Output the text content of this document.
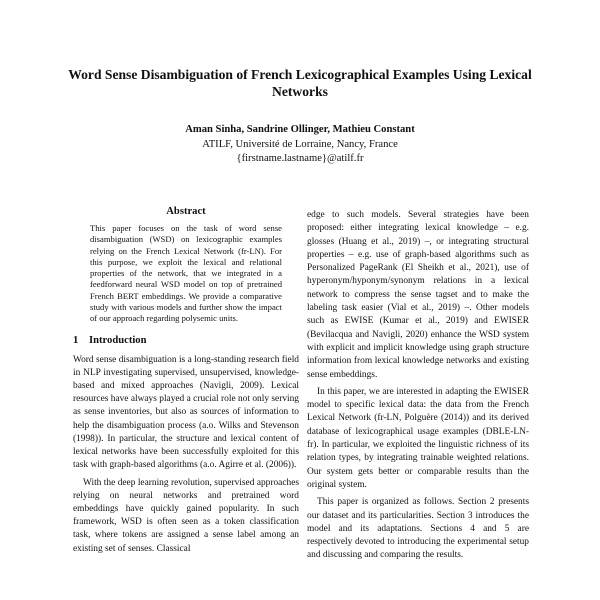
Word Sense Disambiguation of French Lexicographical Examples Using Lexical Networks
Aman Sinha, Sandrine Ollinger, Mathieu Constant
ATILF, Université de Lorraine, Nancy, France
{firstname.lastname}@atilf.fr
Abstract
This paper focuses on the task of word sense disambiguation (WSD) on lexicographic examples relying on the French Lexical Network (fr-LN). For this purpose, we exploit the lexical and relational properties of the network, that we integrated in a feedforward neural WSD model on top of pretrained French BERT embeddings. We provide a comparative study with various models and further show the impact of our approach regarding polysemic units.
1 Introduction

Word sense disambiguation is a long-standing research field in NLP investigating supervised, unsupervised, knowledge-based and mixed approaches (Navigli, 2009). Lexical resources have always played a crucial role not only serving as sense inventories, but also as sources of information to help the disambiguation process (a.o. Wilks and Stevenson (1998)). In particular, the structure and lexical content of lexical networks have been successfully exploited for this task with graph-based algorithms (a.o. Agirre et al. (2006)).

With the deep learning revolution, supervised approaches relying on neural networks and pretrained word embeddings have quickly gained popularity. In such framework, WSD is often seen as a token classification task, where tokens are assigned a sense label among an existing set of senses. Classical

edge to such models. Several strategies have been proposed: either integrating lexical knowledge – e.g. glosses (Huang et al., 2019) –, or integrating structural properties – e.g. use of graph-based algorithms such as Personalized PageRank (El Sheikh et al., 2021), use of hyperonym/hyponym/synonym relations in a lexical network to compress the sense tagset and to make the labeling task easier (Vial et al., 2019) –. Other models such as EWISE (Kumar et al., 2019) and EWISER (Bevilacqua and Navigli, 2020) enhance the WSD system with explicit and implicit knowledge using graph structure information from lexical knowledge networks and existing sense embeddings.

In this paper, we are interested in adapting the EWISER model to specific lexical data: the data from the French Lexical Network (fr-LN, Polguère (2014)) and its derived database of lexicographical usage examples (DBLE-LN-fr). In particular, we exploited the linguistic richness of its relation types, by integrating trainable weighted relations. Our system gets better or comparable results than the original system.

This paper is organized as follows. Section 2 presents our dataset and its particularities. Section 3 introduces the model and its adaptations. Sections 4 and 5 are respectively devoted to introducing the experimental setup and discussing and comparing the results.
